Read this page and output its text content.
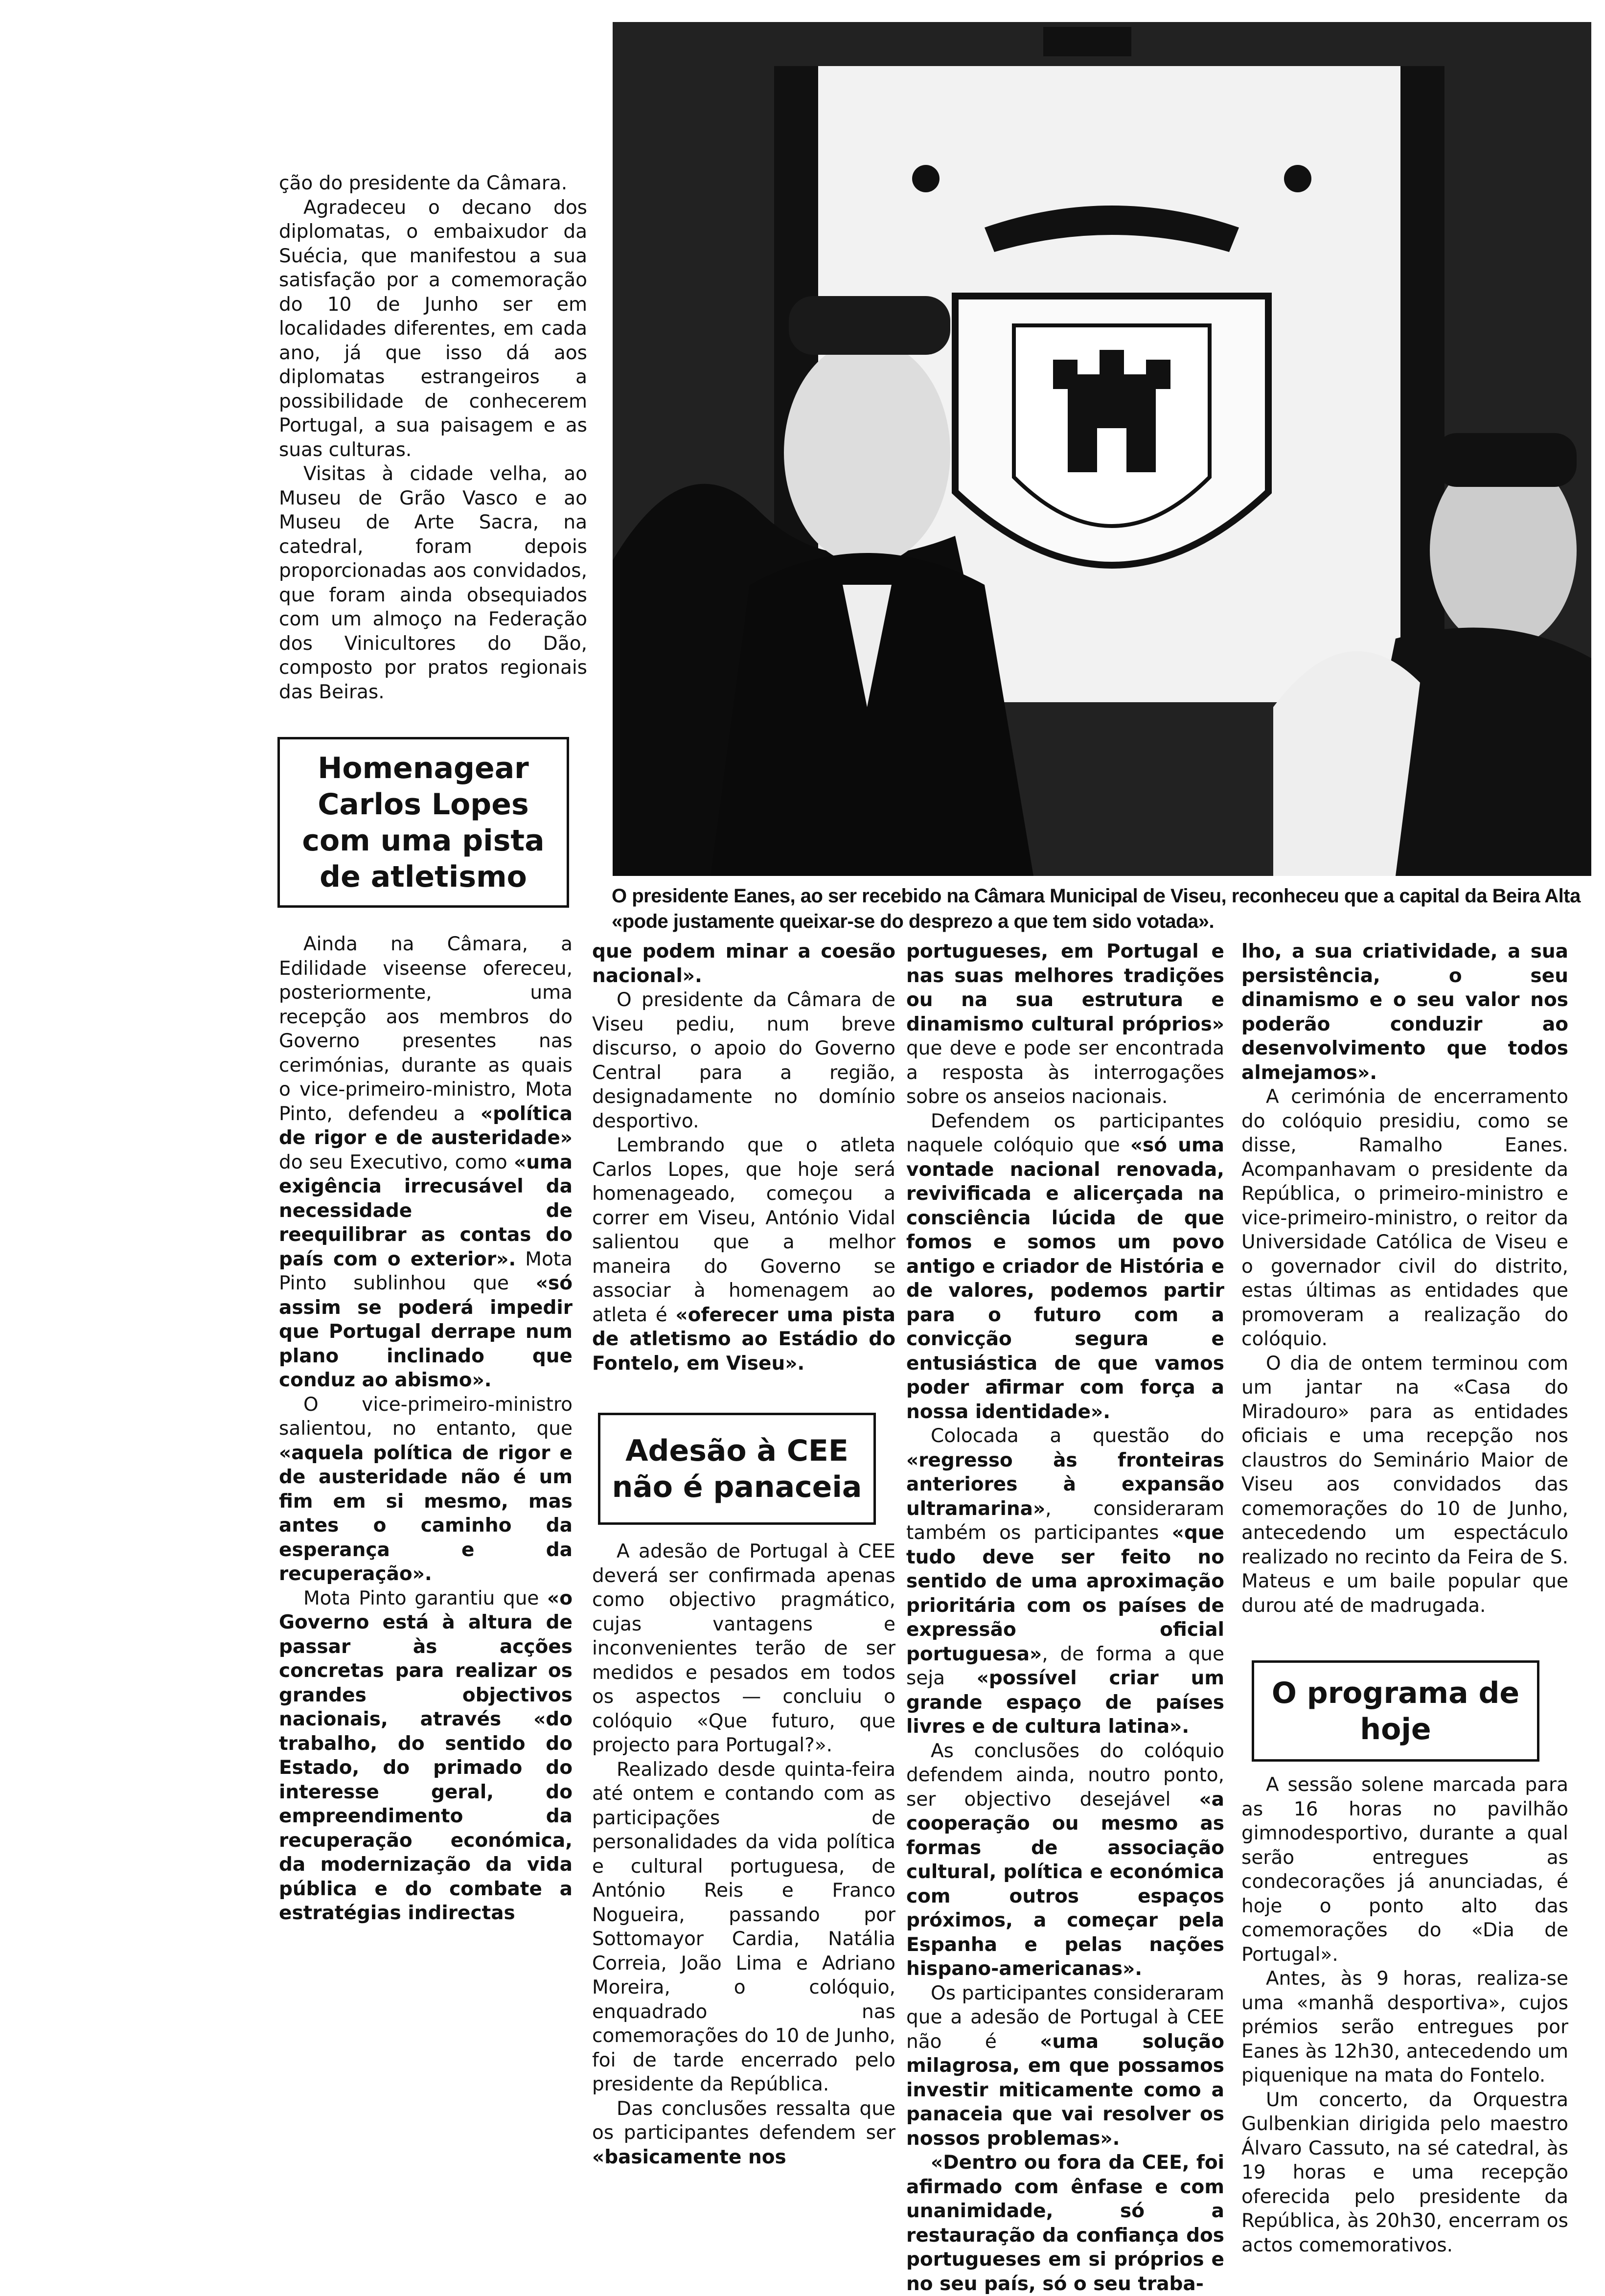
O presidente Eanes, ao ser recebido na Câmara Municipal de Viseu, reconheceu que a capital da Beira Alta «pode justamente queixar-se do desprezo a que tem sido votada».

ção do presidente da Câmara.

Agradeceu o decano dos diplomatas, o embaixudor da Suécia, que manifestou a sua satisfação por a comemoração do 10 de Junho ser em localidades diferentes, em cada ano, já que isso dá aos diplomatas estrangeiros a possibilidade de conhecerem Portugal, a sua paisagem e as suas culturas.

Visitas à cidade velha, ao Museu de Grão Vasco e ao Museu de Arte Sacra, na catedral, foram depois proporcionadas aos convidados, que foram ainda obsequiados com um almoço na Federação dos Vinicultores do Dão, composto por pratos regionais das Beiras.

Homenagear Carlos Lopes com uma pista de atletismo

Ainda na Câmara, a Edilidade viseense ofereceu, posteriormente, uma recepção aos membros do Governo presentes nas cerimónias, durante as quais o vice-primeiro-ministro, Mota Pinto, defendeu a «política de rigor e de austeridade» do seu Executivo, como «uma exigência irrecusável da necessidade de reequilibrar as contas do país com o exterior». Mota Pinto sublinhou que «só assim se poderá impedir que Portugal derrape num plano inclinado que conduz ao abismo».

O vice-primeiro-ministro salientou, no entanto, que «aquela política de rigor e de austeridade não é um fim em si mesmo, mas antes o caminho da esperança e da recuperação».

Mota Pinto garantiu que «o Governo está à altura de passar às acções concretas para realizar os grandes objectivos nacionais, através «do trabalho, do sentido do Estado, do primado do interesse geral, do empreendimento da recuperação económica, da modernização da vida pública e do combate a estratégias indirectas

que podem minar a coesão nacional».

O presidente da Câmara de Viseu pediu, num breve discurso, o apoio do Governo Central para a região, designadamente no domínio desportivo.

Lembrando que o atleta Carlos Lopes, que hoje será homenageado, começou a correr em Viseu, António Vidal salientou que a melhor maneira do Governo se associar à homenagem ao atleta é «oferecer uma pista de atletismo ao Estádio do Fontelo, em Viseu».

Adesão à CEE não é panaceia

A adesão de Portugal à CEE deverá ser confirmada apenas como objectivo pragmático, cujas vantagens e inconvenientes terão de ser medidos e pesados em todos os aspectos — concluiu o colóquio «Que futuro, que projecto para Portugal?».

Realizado desde quinta-feira até ontem e contando com as participações de personalidades da vida política e cultural portuguesa, de António Reis e Franco Nogueira, passando por Sottomayor Cardia, Natália Correia, João Lima e Adriano Moreira, o colóquio, enquadrado nas comemorações do 10 de Junho, foi de tarde encerrado pelo presidente da República.

Das conclusões ressalta que os participantes defendem ser «basicamente nos

portugueses, em Portugal e nas suas melhores tradições ou na sua estrutura e dinamismo cultural próprios» que deve e pode ser encontrada a resposta às interrogações sobre os anseios nacionais.

Defendem os participantes naquele colóquio que «só uma vontade nacional renovada, revivificada e alicerçada na consciência lúcida de que fomos e somos um povo antigo e criador de História e de valores, podemos partir para o futuro com a convicção segura e entusiástica de que vamos poder afirmar com força a nossa identidade».

Colocada a questão do «regresso às fronteiras anteriores à expansão ultramarina», consideraram também os participantes «que tudo deve ser feito no sentido de uma aproximação prioritária com os países de expressão oficial portuguesa», de forma a que seja «possível criar um grande espaço de países livres e de cultura latina».

As conclusões do colóquio defendem ainda, noutro ponto, ser objectivo desejável «a cooperação ou mesmo as formas de associação cultural, política e económica com outros espaços próximos, a começar pela Espanha e pelas nações hispano-americanas».

Os participantes consideraram que a adesão de Portugal à CEE não é «uma solução milagrosa, em que possamos investir miticamente como a panaceia que vai resolver os nossos problemas».

«Dentro ou fora da CEE, foi afirmado com ênfase e com unanimidade, só a restauração da confiança dos portugueses em si próprios e no seu país, só o seu traba-

lho, a sua criatividade, a sua persistência, o seu dinamismo e o seu valor nos poderão conduzir ao desenvolvimento que todos almejamos».

A cerimónia de encerramento do colóquio presidiu, como se disse, Ramalho Eanes. Acompanhavam o presidente da República, o primeiro-ministro e vice-primeiro-ministro, o reitor da Universidade Católica de Viseu e o governador civil do distrito, estas últimas as entidades que promoveram a realização do colóquio.

O dia de ontem terminou com um jantar na «Casa do Miradouro» para as entidades oficiais e uma recepção nos claustros do Seminário Maior de Viseu aos convidados das comemorações do 10 de Junho, antecedendo um espectáculo realizado no recinto da Feira de S. Mateus e um baile popular que durou até de madrugada.

O programa de hoje

A sessão solene marcada para as 16 horas no pavilhão gimnodesportivo, durante a qual serão entregues as condecorações já anunciadas, é hoje o ponto alto das comemorações do «Dia de Portugal».

Antes, às 9 horas, realiza-se uma «manhã desportiva», cujos prémios serão entregues por Eanes às 12h30, antecedendo um piquenique na mata do Fontelo.

Um concerto, da Orquestra Gulbenkian dirigida pelo maestro Álvaro Cassuto, na sé catedral, às 19 horas e uma recepção oferecida pelo presidente da República, às 20h30, encerram os actos comemorativos.
